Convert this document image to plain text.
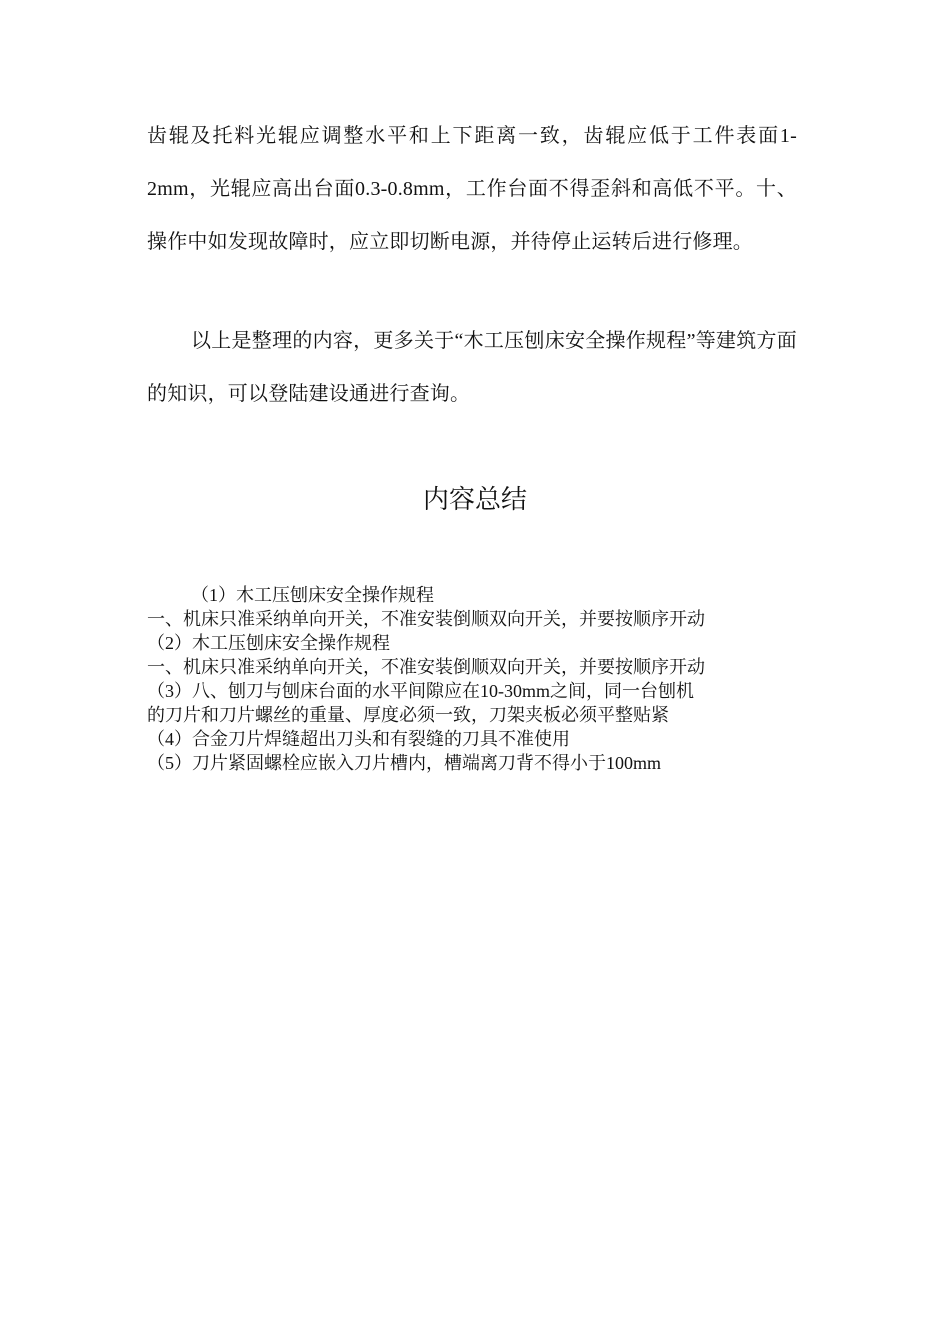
齿辊及托料光辊应调整水平和上下距离一致，齿辊应低于工件表面1-2mm，光辊应高出台面0.3-0.8mm，工作台面不得歪斜和高低不平。十、操作中如发现故障时，应立即切断电源，并待停止运转后进行修理。

以上是整理的内容，更多关于“木工压刨床安全操作规程”等建筑方面的知识，可以登陆建设通进行查询。

内容总结
（1）木工压刨床安全操作规程
一、机床只准采纳单向开关，不准安装倒顺双向开关，并要按顺序开动
（2）木工压刨床安全操作规程
一、机床只准采纳单向开关，不准安装倒顺双向开关，并要按顺序开动
（3）八、刨刀与刨床台面的水平间隙应在10-30mm之间，同一台刨机
的刀片和刀片螺丝的重量、厚度必须一致，刀架夹板必须平整贴紧
（4）合金刀片焊缝超出刀头和有裂缝的刀具不准使用
（5）刀片紧固螺栓应嵌入刀片槽内，槽端离刀背不得小于100mm
